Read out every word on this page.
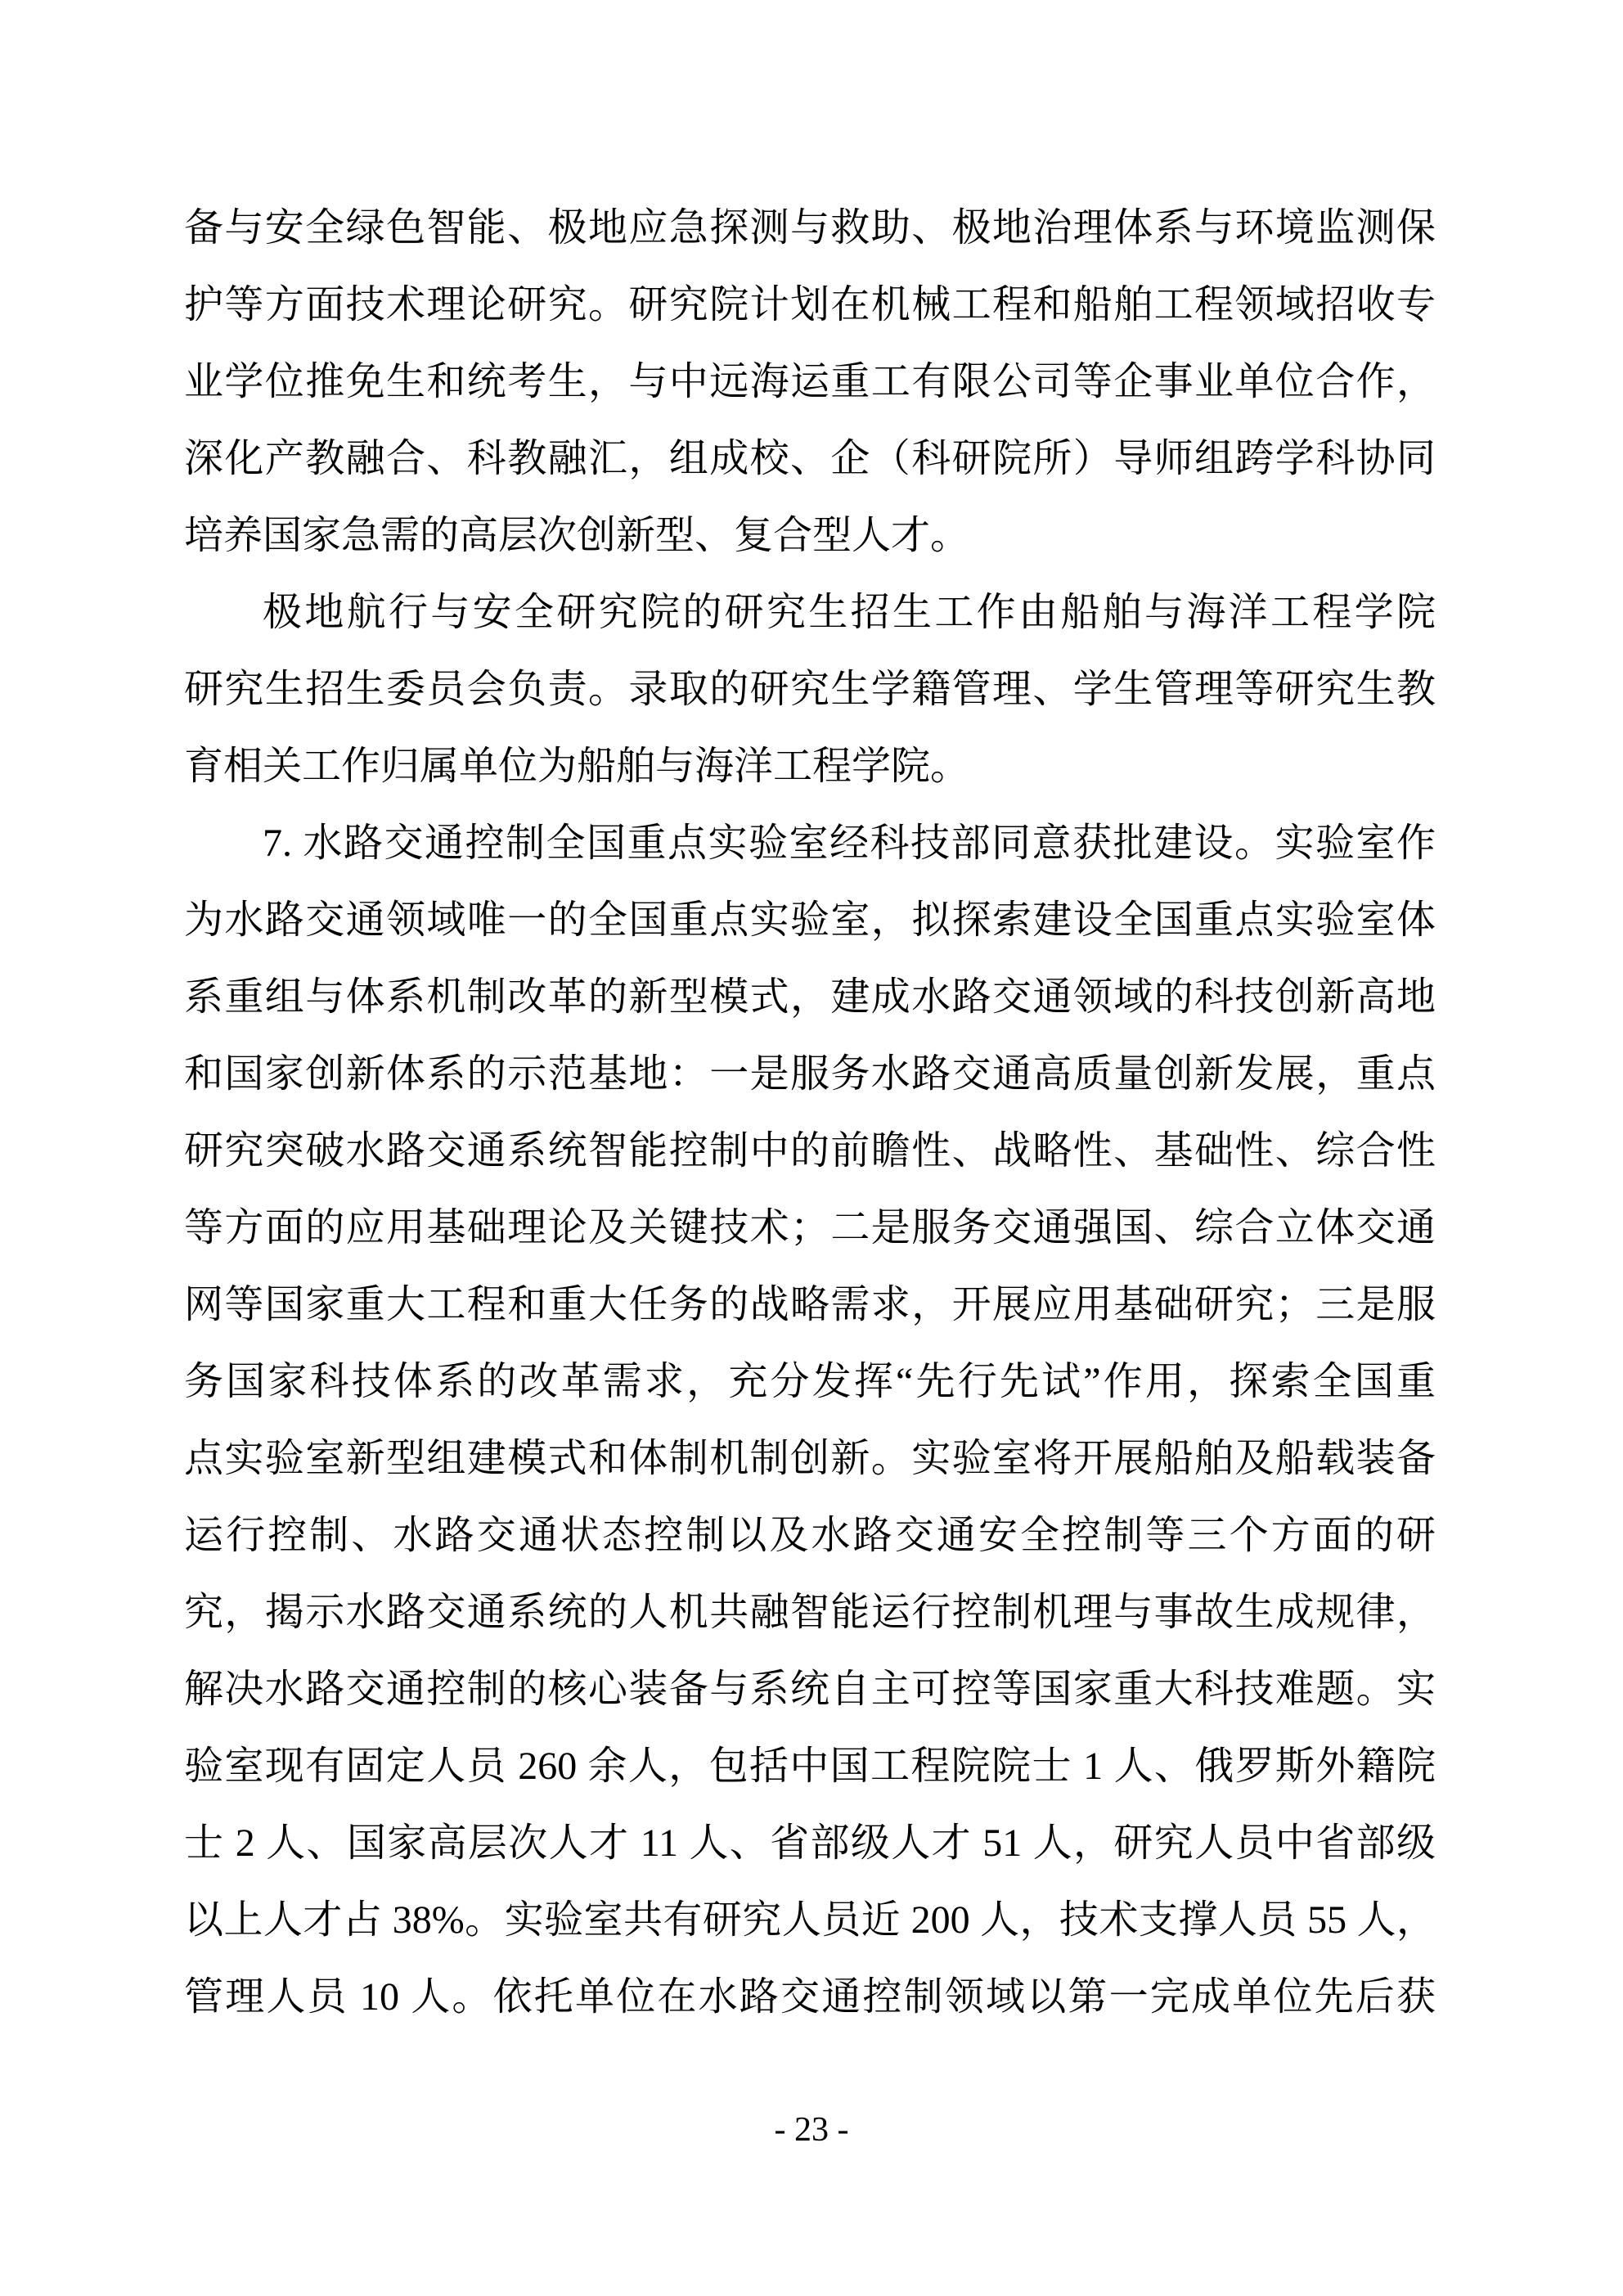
备与安全绿色智能、极地应急探测与救助、极地治理体系与环境监测保
护等方面技术理论研究。研究院计划在机械工程和船舶工程领域招收专
业学位推免生和统考生，与中远海运重工有限公司等企事业单位合作，
深化产教融合、科教融汇，组成校、企（科研院所）导师组跨学科协同
培养国家急需的高层次创新型、复合型人才。
极地航行与安全研究院的研究生招生工作由船舶与海洋工程学院
研究生招生委员会负责。录取的研究生学籍管理、学生管理等研究生教
育相关工作归属单位为船舶与海洋工程学院。
7. 水路交通控制全国重点实验室经科技部同意获批建设。实验室作
为水路交通领域唯一的全国重点实验室，拟探索建设全国重点实验室体
系重组与体系机制改革的新型模式，建成水路交通领域的科技创新高地
和国家创新体系的示范基地：一是服务水路交通高质量创新发展，重点
研究突破水路交通系统智能控制中的前瞻性、战略性、基础性、综合性
等方面的应用基础理论及关键技术；二是服务交通强国、综合立体交通
网等国家重大工程和重大任务的战略需求，开展应用基础研究；三是服
务国家科技体系的改革需求，充分发挥“先行先试”作用，探索全国重
点实验室新型组建模式和体制机制创新。实验室将开展船舶及船载装备
运行控制、水路交通状态控制以及水路交通安全控制等三个方面的研
究，揭示水路交通系统的人机共融智能运行控制机理与事故生成规律，
解决水路交通控制的核心装备与系统自主可控等国家重大科技难题。实
验室现有固定人员 260 余人，包括中国工程院院士 1 人、俄罗斯外籍院
士 2 人、国家高层次人才 11 人、省部级人才 51 人，研究人员中省部级
以上人才占 38%。实验室共有研究人员近 200 人，技术支撑人员 55 人，
管理人员 10 人。依托单位在水路交通控制领域以第一完成单位先后获
- 23 -
